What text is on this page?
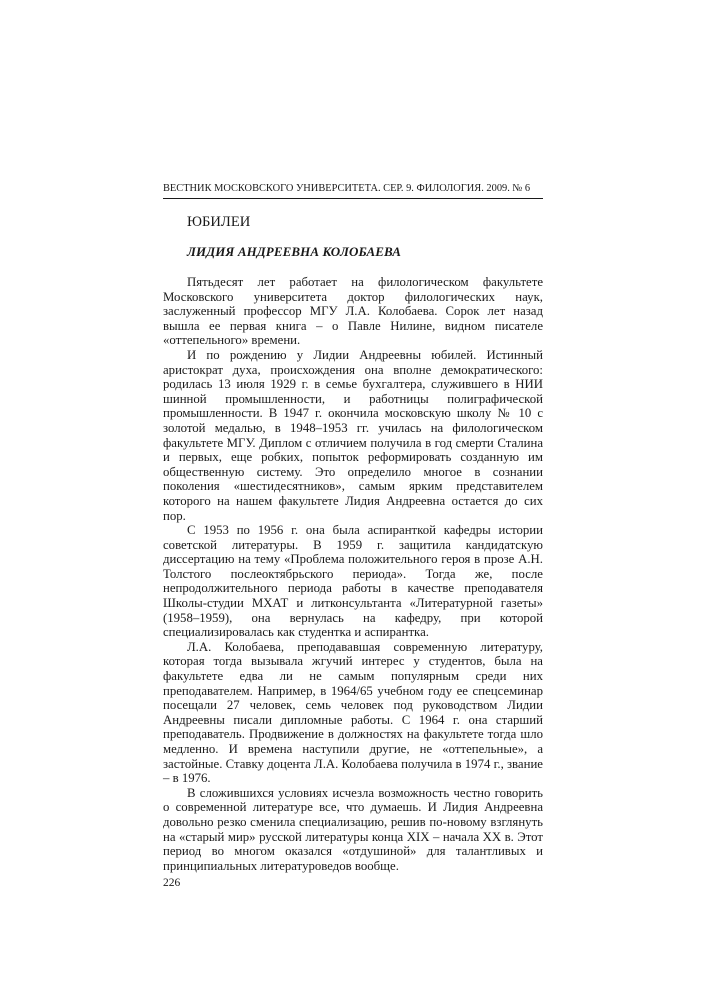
ВЕСТНИК МОСКОВСКОГО УНИВЕРСИТЕТА. СЕР. 9. ФИЛОЛОГИЯ. 2009. № 6
ЮБИЛЕИ
ЛИДИЯ АНДРЕЕВНА КОЛОБАЕВА

Пятьдесят лет работает на филологическом факультете Московского университета доктор филологических наук, заслуженный профессор МГУ Л.А. Колобаева. Сорок лет назад вышла ее первая книга – о Павле Нилине, видном писателе «оттепельного» времени.

И по рождению у Лидии Андреевны юбилей. Истинный аристократ духа, происхождения она вполне демократического: родилась 13 июля 1929 г. в семье бухгалтера, служившего в НИИ шинной промышленности, и работницы полиграфической промышленности. В 1947 г. окончила московскую школу № 10 с золотой медалью, в 1948–1953 гг. училась на филологическом факультете МГУ. Диплом с отличием получила в год смерти Сталина и первых, еще робких, попыток реформировать созданную им общественную систему. Это определило многое в сознании поколения «шестидесятников», самым ярким представителем которого на нашем факультете Лидия Андреевна остается до сих пор.

С 1953 по 1956 г. она была аспиранткой кафедры истории советской литературы. В 1959 г. защитила кандидатскую диссертацию на тему «Проблема положительного героя в прозе А.Н. Толстого послеоктябрьского периода». Тогда же, после непродолжительного периода работы в качестве преподавателя Школы-студии МХАТ и литконсультанта «Литературной газеты» (1958–1959), она вернулась на кафедру, при которой специализировалась как студентка и аспирантка.

Л.А. Колобаева, преподававшая современную литературу, которая тогда вызывала жгучий интерес у студентов, была на факультете едва ли не самым популярным среди них преподавателем. Например, в 1964/65 учебном году ее спецсеминар посещали 27 человек, семь человек под руководством Лидии Андреевны писали дипломные работы. С 1964 г. она старший преподаватель. Продвижение в должностях на факультете тогда шло медленно. И времена наступили другие, не «оттепельные», а застойные. Ставку доцента Л.А. Колобаева получила в 1974 г., звание – в 1976.

В сложившихся условиях исчезла возможность честно говорить о современной литературе все, что думаешь. И Лидия Андреевна довольно резко сменила специализацию, решив по-новому взглянуть на «старый мир» русской литературы конца XIX – начала XX в. Этот период во многом оказался «отдушиной» для талантливых и принципиальных литературоведов вообще.

226
